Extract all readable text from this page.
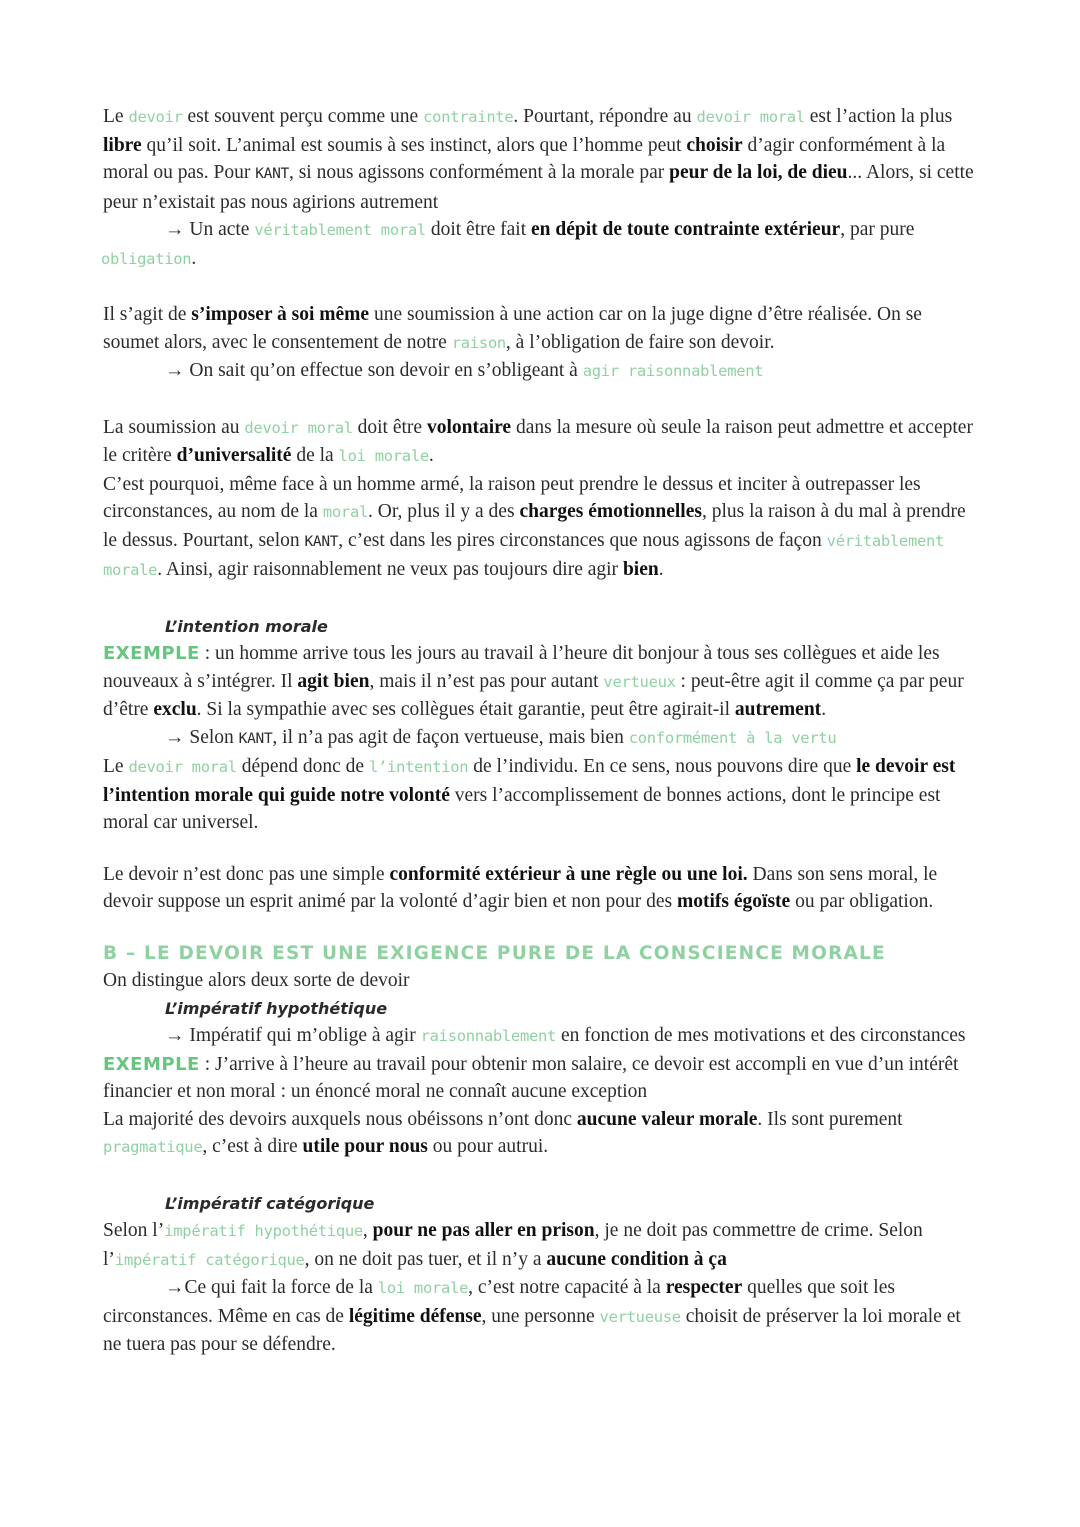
Le devoir est souvent perçu comme une contrainte. Pourtant, répondre au devoir moral est l’action la plus libre qu’il soit. L’animal est soumis à ses instinct, alors que l’homme peut choisir d’agir conformément à la moral ou pas. Pour KANT, si nous agissons conformément à la morale par peur de la loi, de dieu... Alors, si cette peur n’existait pas nous agirions autrement

→ Un acte véritablement moral doit être fait en dépit de toute contrainte extérieur, par pure

obligation.

Il s’agit de s’imposer à soi même une soumission à une action car on la juge digne d’être réalisée. On se soumet alors, avec le consentement de notre raison, à l’obligation de faire son devoir.

→ On sait qu’on effectue son devoir en s’obligeant à agir raisonnablement

La soumission au devoir moral doit être volontaire dans la mesure où seule la raison peut admettre et accepter le critère d’universalité de la loi morale.

C’est pourquoi, même face à un homme armé, la raison peut prendre le dessus et inciter à outrepasser les circonstances, au nom de la moral. Or, plus il y a des charges émotionnelles, plus la raison à du mal à prendre le dessus. Pourtant, selon KANT, c’est dans les pires circonstances que nous agissons de façon véritablement morale. Ainsi, agir raisonnablement ne veux pas toujours dire agir bien.

L’intention morale

EXEMPLE : un homme arrive tous les jours au travail à l’heure dit bonjour à tous ses collègues et aide les nouveaux à s’intégrer. Il agit bien, mais il n’est pas pour autant vertueux : peut-être agit il comme ça par peur d’être exclu. Si la sympathie avec ses collègues était garantie, peut être agirait-il autrement.

→ Selon KANT, il n’a pas agit de façon vertueuse, mais bien conformément à la vertu

Le devoir moral dépend donc de l’intention de l’individu. En ce sens, nous pouvons dire que le devoir est l’intention morale qui guide notre volonté vers l’accomplissement de bonnes actions, dont le principe est moral car universel.

Le devoir n’est donc pas une simple conformité extérieur à une règle ou une loi. Dans son sens moral, le devoir suppose un esprit animé par la volonté d’agir bien et non pour des motifs égoïste ou par obligation.

B – LE DEVOIR EST UNE EXIGENCE PURE DE LA CONSCIENCE MORALE

On distingue alors deux sorte de devoir

L’impératif hypothétique

→ Impératif qui m’oblige à agir raisonnablement en fonction de mes motivations et des circonstances

EXEMPLE : J’arrive à l’heure au travail pour obtenir mon salaire, ce devoir est accompli en vue d’un intérêt financier et non moral : un énoncé moral ne connaît aucune exception

La majorité des devoirs auxquels nous obéissons n’ont donc aucune valeur morale. Ils sont purement pragmatique, c’est à dire utile pour nous ou pour autrui.

L’impératif catégorique

Selon l’impératif hypothétique, pour ne pas aller en prison, je ne doit pas commettre de crime. Selon l’impératif catégorique, on ne doit pas tuer, et il n’y a aucune condition à ça

→Ce qui fait la force de la loi morale, c’est notre capacité à la respecter quelles que soit les circonstances. Même en cas de légitime défense, une personne vertueuse choisit de préserver la loi morale et ne tuera pas pour se défendre.
